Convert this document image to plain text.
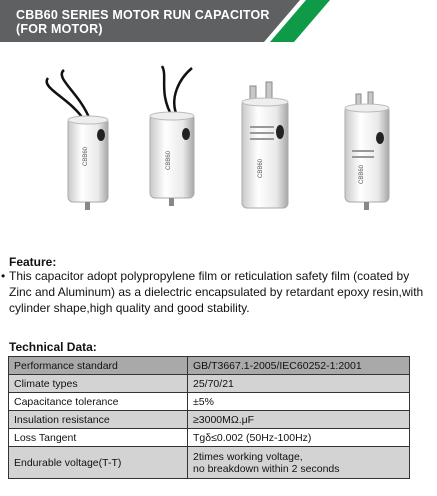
CBB60 SERIES MOTOR RUN CAPACITOR
(FOR MOTOR)
CBB60	CBB60	CBB60	CBB60
Feature:
• This capacitor adopt polypropylene film or reticulation safety film (coated by Zinc and Aluminum) as a dielectric encapsulated by retardant epoxy resin,with cylinder shape,high quality and good stability.
Technical Data:
Performance standard	GB/T3667.1-2005/IEC60252-1:2001
Climate types	25/70/21
Capacitance tolerance	±5%
Insulation resistance	≥3000MΩ.μF
Loss Tangent	Tgδ≤0.002 (50Hz-100Hz)
Endurable voltage(T-T)	2times working voltage,
no breakdown within 2 seconds
